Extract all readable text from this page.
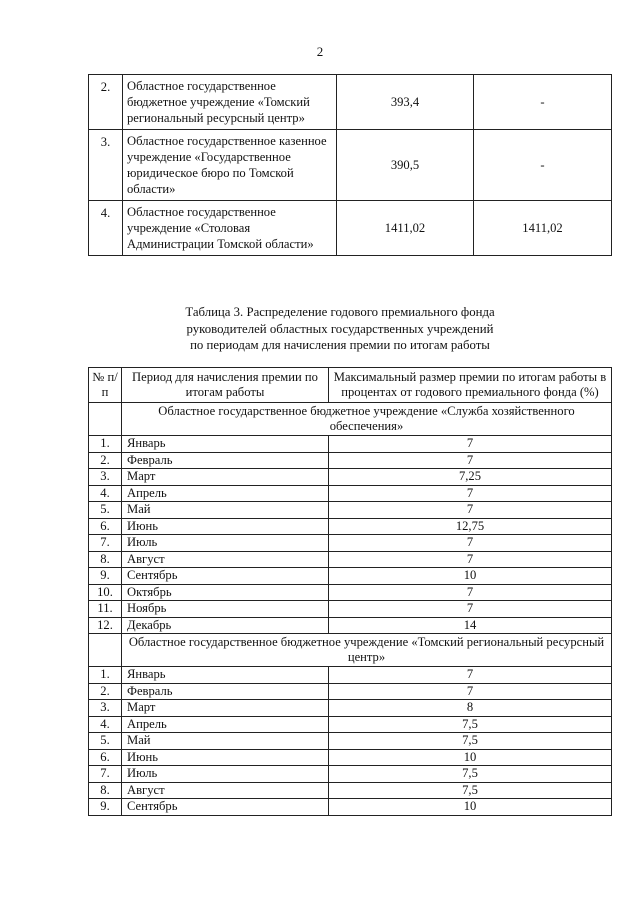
2
2.	Областное государственное бюджетное учреждение «Томский региональный ресурсный центр»	393,4	-
3.	Областное государственное казенное учреждение «Государственное юридическое бюро по Томской области»	390,5	-
4.	Областное государственное учреждение «Столовая Администрации Томской области»	1411,02	1411,02
Таблица 3. Распределение годового премиального фонда
руководителей областных государственных учреждений
по периодам для начисления премии по итогам работы
№ п/п	Период для начисления премии по итогам работы	Максимальный размер премии по итогам работы в процентах от годового премиального фонда (%)
	Областное государственное бюджетное учреждение «Служба хозяйственного обеспечения»	
1.	Январь	7
2.	Февраль	7
3.	Март	7,25
4.	Апрель	7
5.	Май	7
6.	Июнь	12,75
7.	Июль	7
8.	Август	7
9.	Сентябрь	10
10.	Октябрь	7
11.	Ноябрь	7
12.	Декабрь	14
	Областное государственное бюджетное учреждение «Томский региональный ресурсный центр»	
1.	Январь	7
2.	Февраль	7
3.	Март	8
4.	Апрель	7,5
5.	Май	7,5
6.	Июнь	10
7.	Июль	7,5
8.	Август	7,5
9.	Сентябрь	10
